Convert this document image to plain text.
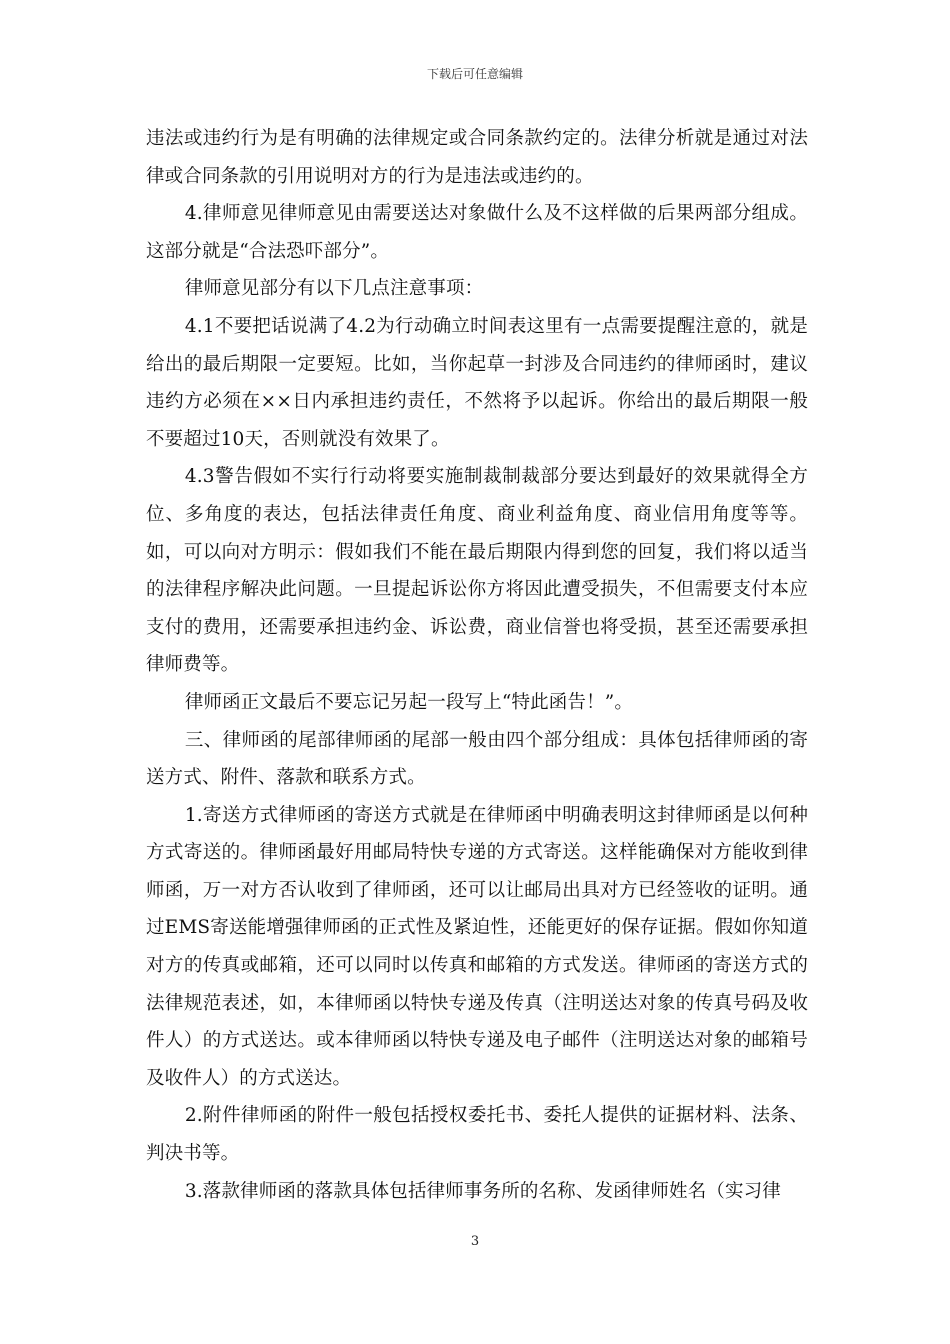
下载后可任意编辑

违法或违约行为是有明确的法律规定或合同条款约定的。法律分析就是通过对法律或合同条款的引用说明对方的行为是违法或违约的。

4.律师意见律师意见由需要送达对象做什么及不这样做的后果两部分组成。这部分就是“合法恐吓部分”。

律师意见部分有以下几点注意事项：

4.1不要把话说满了4.2为行动确立时间表这里有一点需要提醒注意的，就是给出的最后期限一定要短。比如，当你起草一封涉及合同违约的律师函时，建议违约方必须在××日内承担违约责任，不然将予以起诉。你给出的最后期限一般不要超过10天，否则就没有效果了。

4.3警告假如不实行行动将要实施制裁制裁部分要达到最好的效果就得全方位、多角度的表达，包括法律责任角度、商业利益角度、商业信用角度等等。如，可以向对方明示：假如我们不能在最后期限内得到您的回复，我们将以适当的法律程序解决此问题。一旦提起诉讼你方将因此遭受损失，不但需要支付本应支付的费用，还需要承担违约金、诉讼费，商业信誉也将受损，甚至还需要承担律师费等。

律师函正文最后不要忘记另起一段写上“特此函告！”。

三、律师函的尾部律师函的尾部一般由四个部分组成：具体包括律师函的寄送方式、附件、落款和联系方式。

1.寄送方式律师函的寄送方式就是在律师函中明确表明这封律师函是以何种方式寄送的。律师函最好用邮局特快专递的方式寄送。这样能确保对方能收到律师函，万一对方否认收到了律师函，还可以让邮局出具对方已经签收的证明。通过EMS寄送能增强律师函的正式性及紧迫性，还能更好的保存证据。假如你知道对方的传真或邮箱，还可以同时以传真和邮箱的方式发送。律师函的寄送方式的法律规范表述，如，本律师函以特快专递及传真（注明送达对象的传真号码及收件人）的方式送达。或本律师函以特快专递及电子邮件（注明送达对象的邮箱号及收件人）的方式送达。

2.附件律师函的附件一般包括授权委托书、委托人提供的证据材料、法条、判决书等。

3.落款律师函的落款具体包括律师事务所的名称、发函律师姓名（实习律

3
